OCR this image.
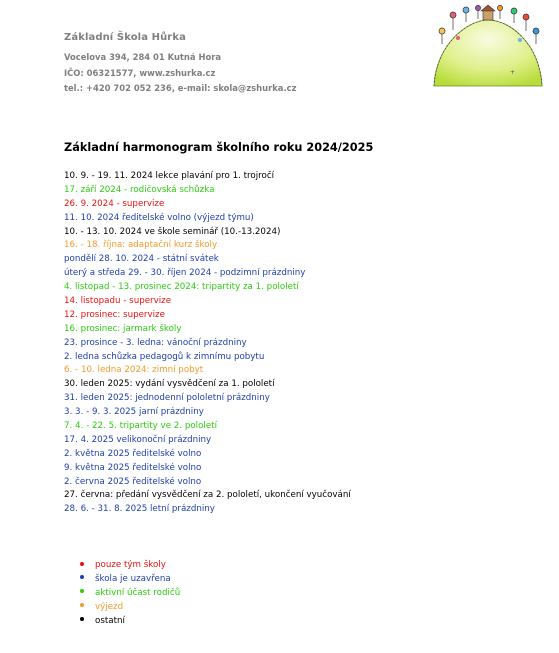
Základní Škola Hůrka
Vocelova 394, 284 01 Kutná Hora
IČO: 06321577, www.zshurka.cz
tel.: +420 702 052 236, e-mail: skola@zshurka.cz
+
Základní harmonogram školního roku 2024/2025
10. 9. - 19. 11. 2024 lekce plavání pro 1. trojročí
17. září 2024 - rodičovská schůzka
26. 9. 2024 - supervize
11. 10. 2024 ředitelské volno (výjezd týmu)
10. - 13. 10. 2024 ve škole seminář (10.-13.2024)
16. - 18. října: adaptační kurz školy
pondělí 28. 10. 2024 - státní svátek
úterý a středa 29. - 30. říjen 2024 - podzimní prázdniny
4. listopad - 13. prosinec 2024: tripartity za 1. pololetí
14. listopadu - supervize
12. prosinec: supervize
16. prosinec: jarmark školy
23. prosince - 3. ledna: vánoční prázdniny
2. ledna schůzka pedagogů k zimnímu pobytu
6. - 10. ledna 2024: zimní pobyt
30. leden 2025: vydání vysvědčení za 1. pololetí
31. leden 2025: jednodenní pololetní prázdniny
3. 3. - 9. 3. 2025 jarní prázdniny
7. 4. - 22. 5. tripartity ve 2. pololetí
17. 4. 2025 velikonoční prázdniny
2. května 2025 ředitelské volno
9. května 2025 ředitelské volno
2. června 2025 ředitelské volno
27. června: předání vysvědčení za 2. pololetí, ukončení vyučování
28. 6. - 31. 8. 2025 letní prázdniny
pouze tým školy
škola je uzavřena
aktivní účast rodičů
výjezd
ostatní
